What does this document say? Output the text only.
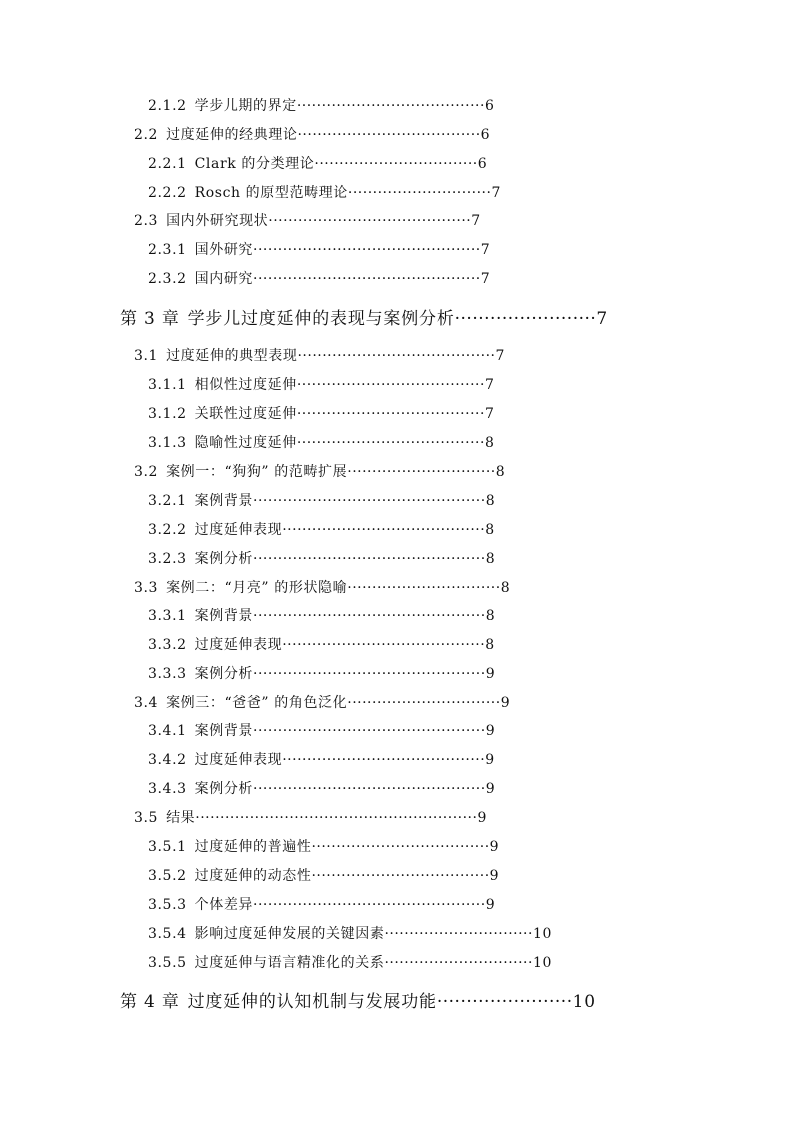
2.1.2 学步儿期的界定······································6
2.2 过度延伸的经典理论·····································6
2.2.1 Clark 的分类理论·································6
2.2.2 Rosch 的原型范畴理论·····························7
2.3 国内外研究现状·········································7
2.3.1 国外研究··············································7
2.3.2 国内研究··············································7
第 3 章 学步儿过度延伸的表现与案例分析························7
3.1 过度延伸的典型表现········································7
3.1.1 相似性过度延伸······································7
3.1.2 关联性过度延伸······································7
3.1.3 隐喻性过度延伸······································8
3.2 案例一：“狗狗” 的范畴扩展······························8
3.2.1 案例背景···············································8
3.2.2 过度延伸表现·········································8
3.2.3 案例分析···············································8
3.3 案例二：“月亮” 的形状隐喻·······························8
3.3.1 案例背景···············································8
3.3.2 过度延伸表现·········································8
3.3.3 案例分析···············································9
3.4 案例三：“爸爸” 的角色泛化·······························9
3.4.1 案例背景···············································9
3.4.2 过度延伸表现·········································9
3.4.3 案例分析···············································9
3.5 结果·························································9
3.5.1 过度延伸的普遍性····································9
3.5.2 过度延伸的动态性····································9
3.5.3 个体差异···············································9
3.5.4 影响过度延伸发展的关键因素······························10
3.5.5 过度延伸与语言精准化的关系······························10
第 4 章 过度延伸的认知机制与发展功能·······················10
